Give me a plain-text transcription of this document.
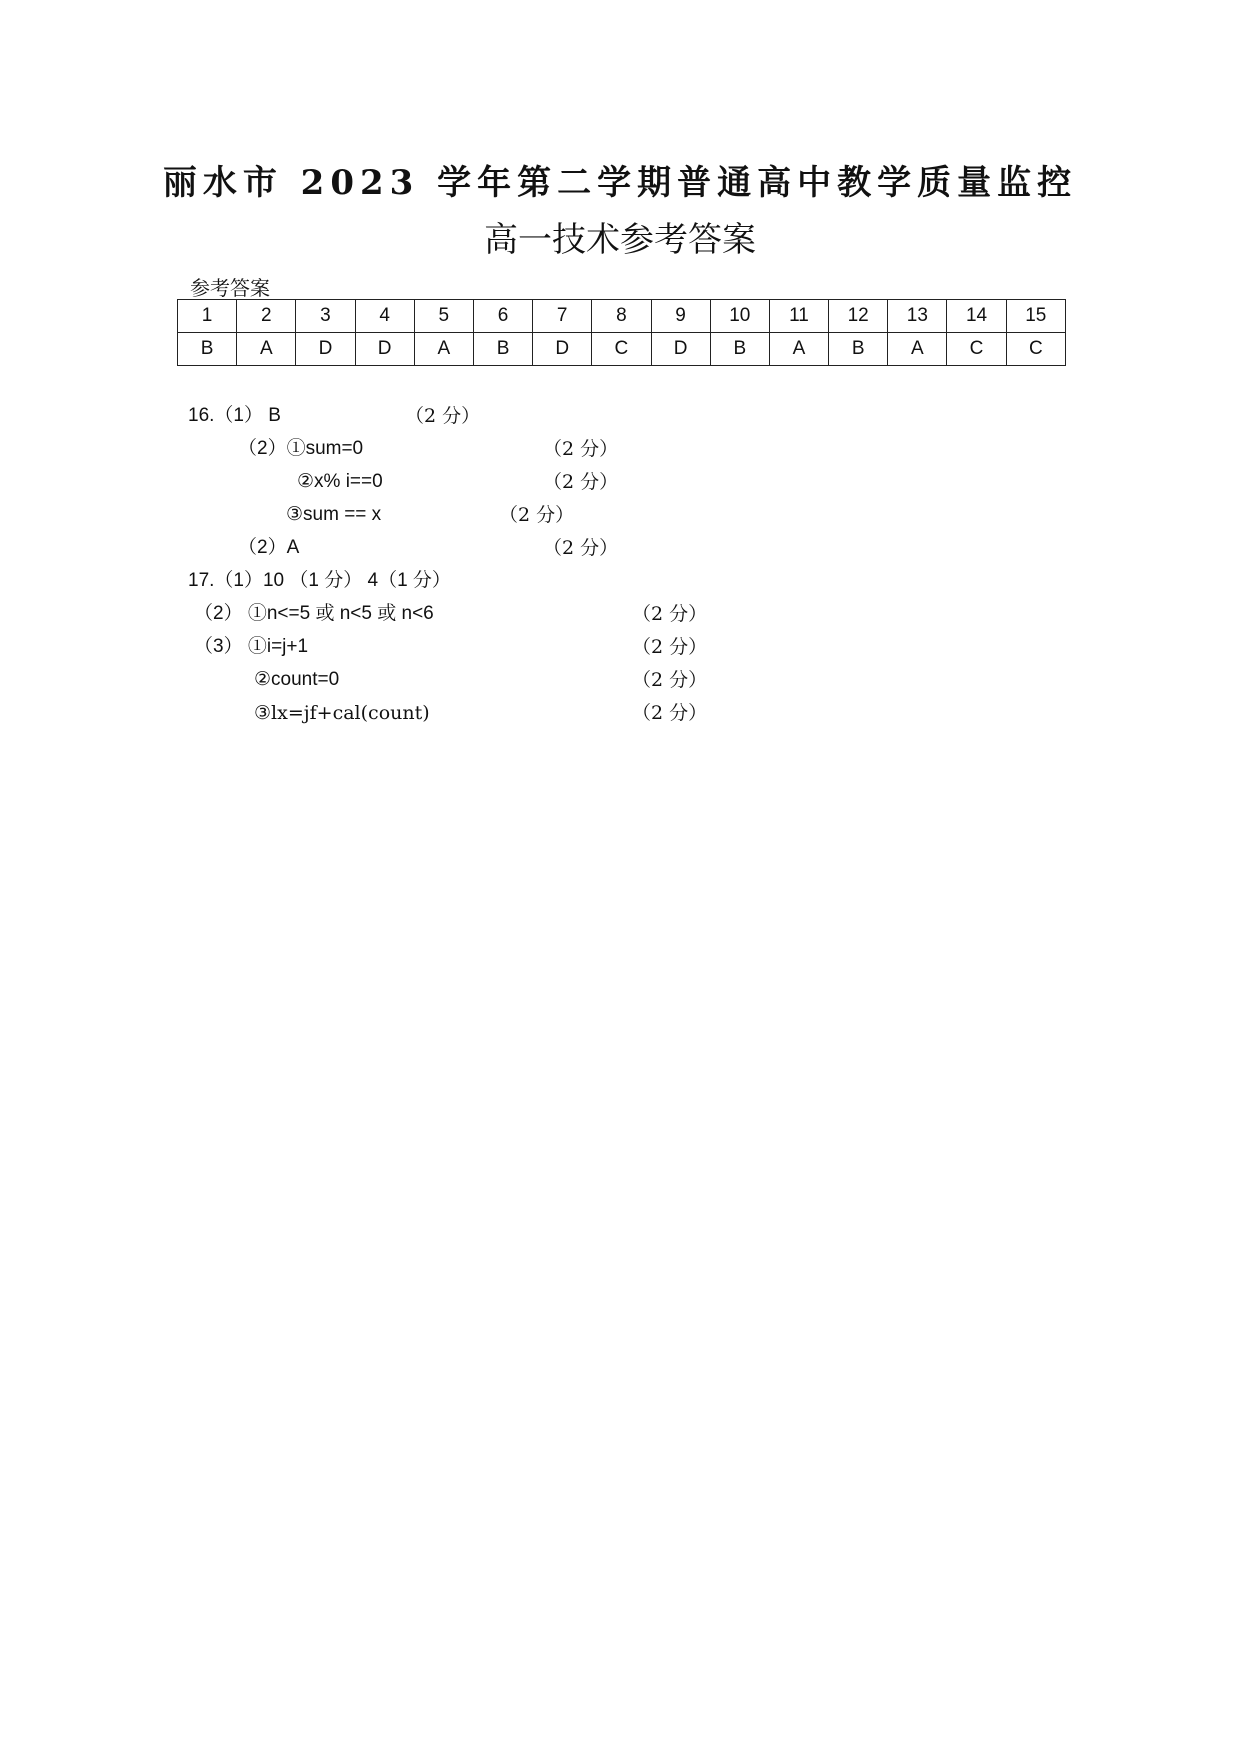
丽水市 2023 学年第二学期普通高中教学质量监控
高一技术参考答案
参考答案
1	2	3	4	5	6	7	8	9	10	11	12	13	14	15
B	A	D	D	A	B	D	C	D	B	A	B	A	C	C
16.（1） B	（2 分）
（2）①sum=0	（2 分）
②x% i==0	（2 分）
③sum == x	（2 分）
（2）A	（2 分）
17.（1）10 （1 分） 4（1 分）
（2） ①n<=5 或 n<5 或 n<6	（2 分）
（3） ①i=j+1	（2 分）
②count=0	（2 分）
③lx=jf+cal(count)	（2 分）
